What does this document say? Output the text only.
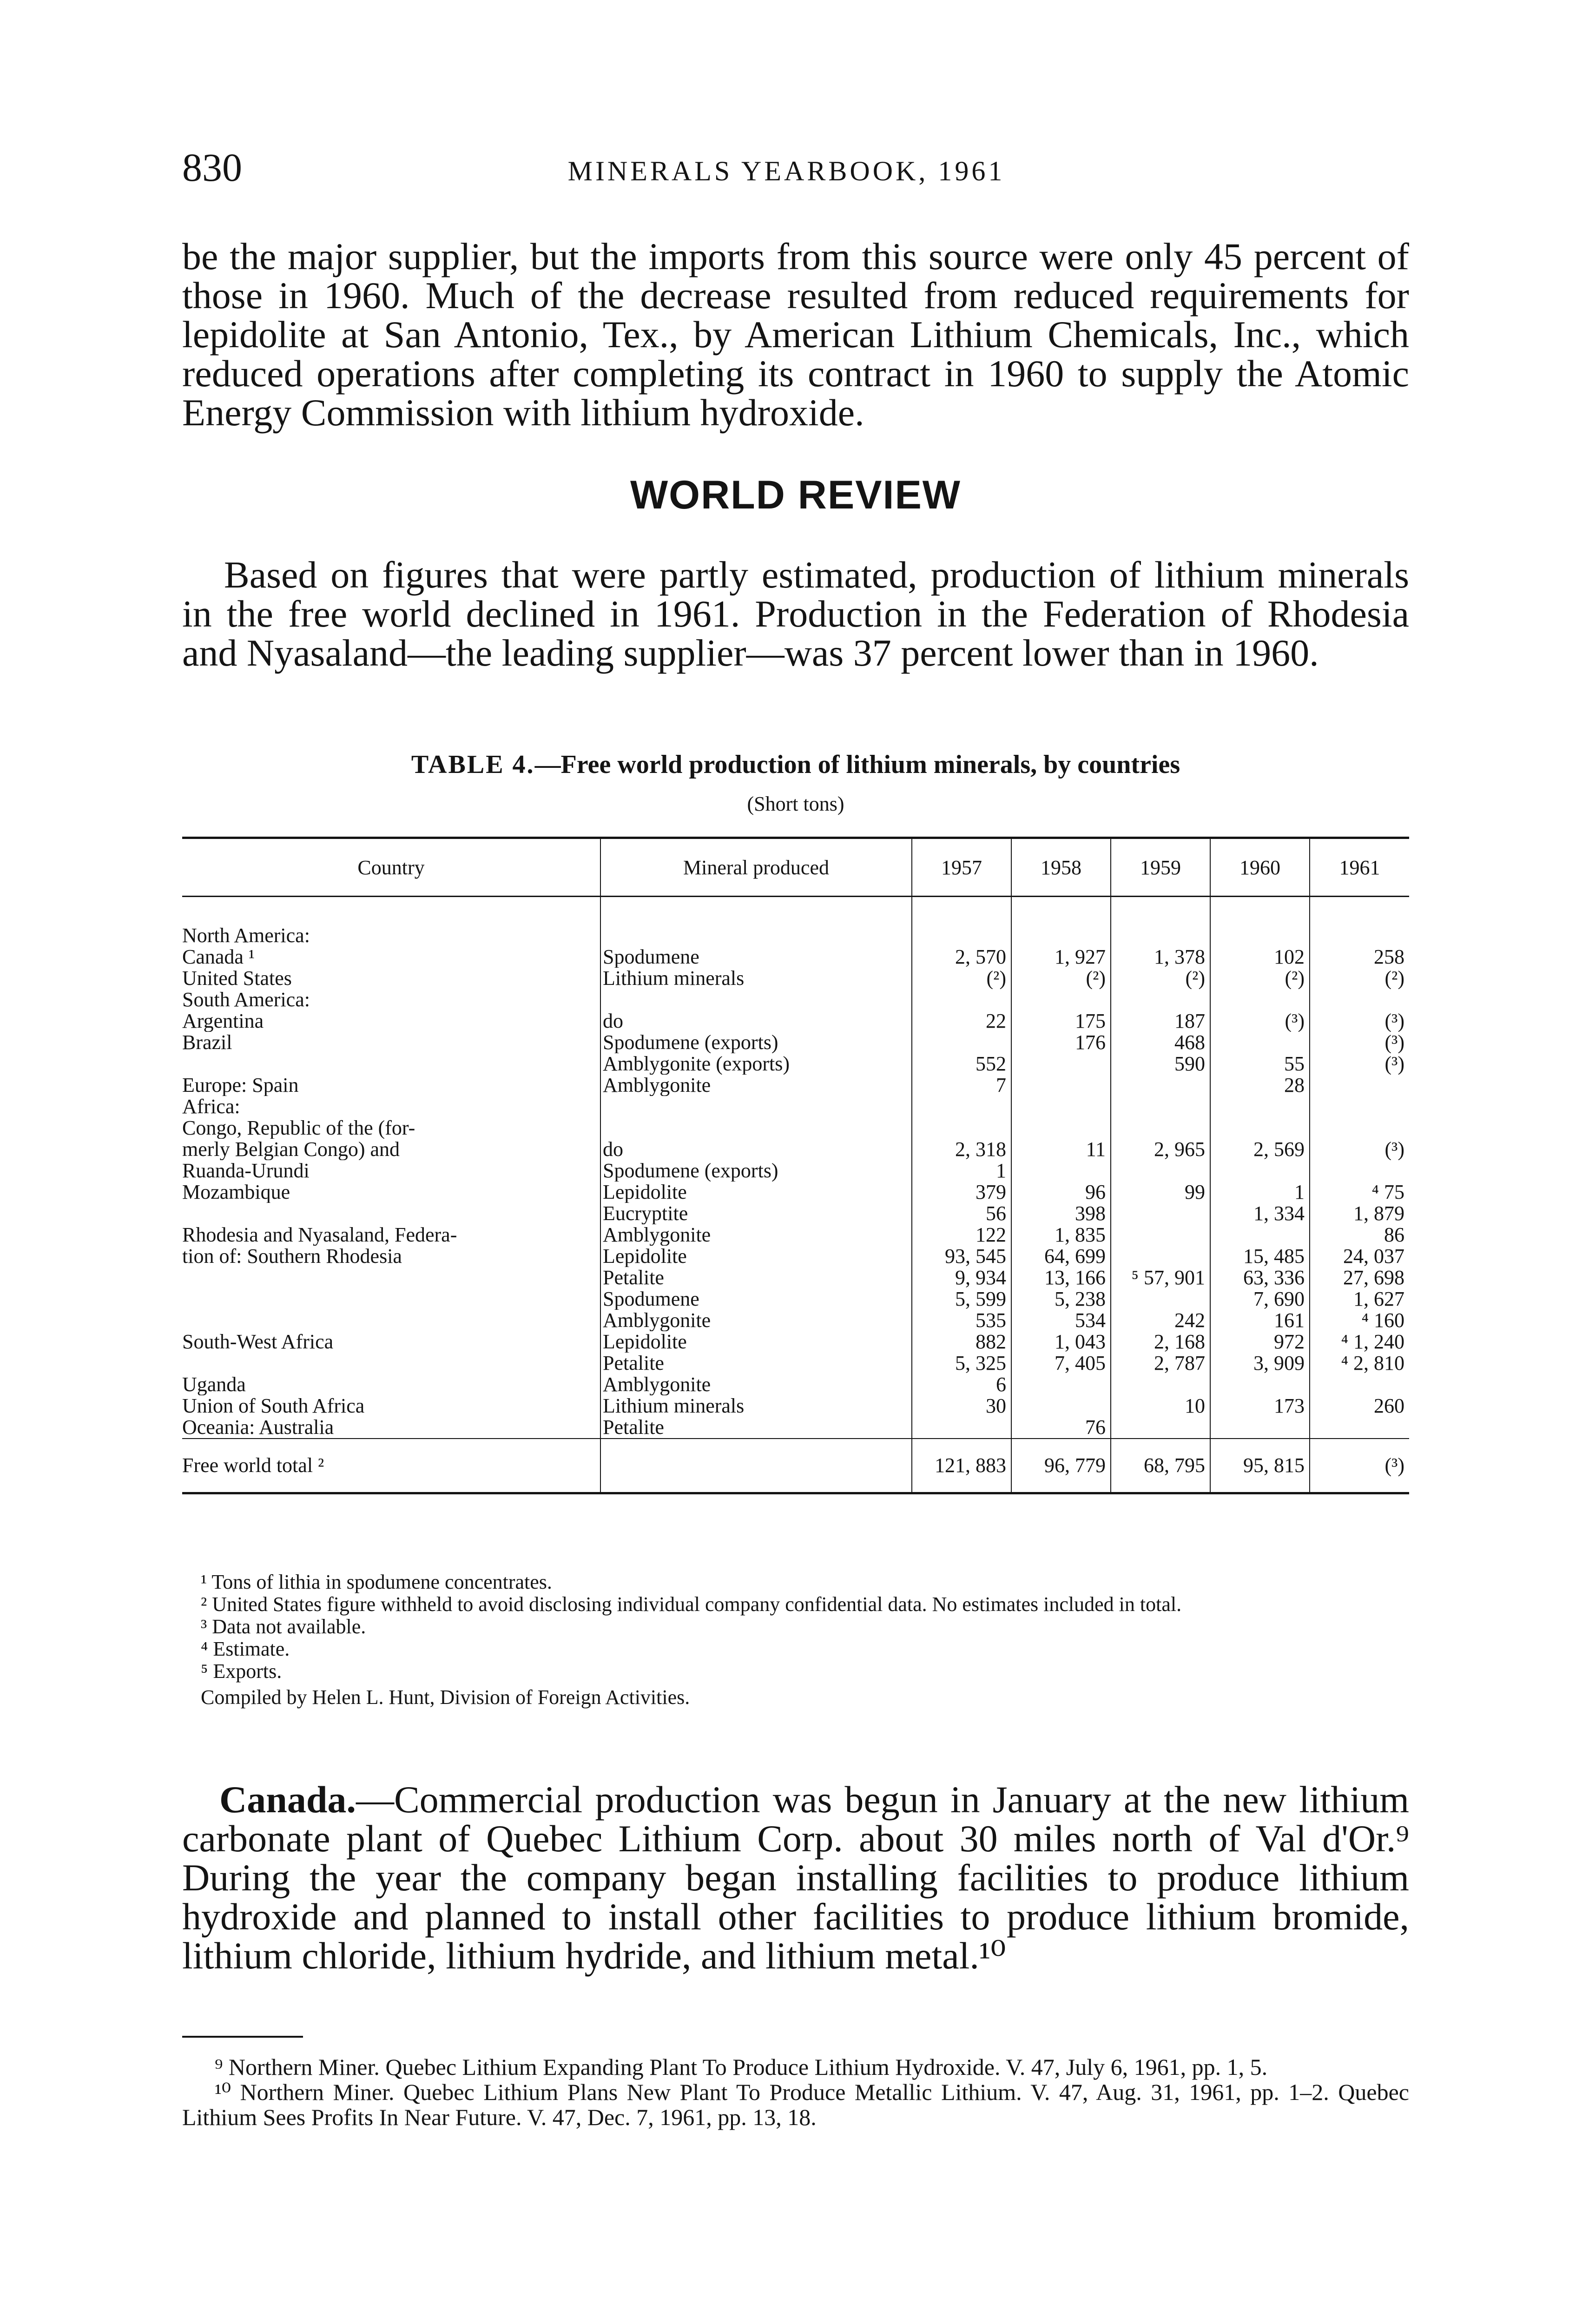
830	MINERALS YEARBOOK, 1961

be the major supplier, but the imports from this source were only 45 percent of those in 1960. Much of the decrease resulted from reduced requirements for lepidolite at San Antonio, Tex., by American Lithium Chemicals, Inc., which reduced operations after completing its contract in 1960 to supply the Atomic Energy Commission with lithium hydroxide.

WORLD REVIEW

Based on figures that were partly estimated, production of lithium minerals in the free world declined in 1961. Production in the Federation of Rhodesia and Nyasaland—the leading supplier—was 37 percent lower than in 1960.

TABLE 4.—Free world production of lithium minerals, by countries
(Short tons)
Country	Mineral produced	1957	1958	1959	1960	1961

North America:						
Canada ¹	Spodumene	2, 570	1, 927	1, 378	102	258
United States	Lithium minerals	(²)	(²)	(²)	(²)	(²)
South America:						
Argentina	do	22	175	187	(³)	(³)
Brazil	Spodumene (exports)		176	468		(³)
	Amblygonite (exports)	552		590	55	(³)
Europe: Spain	Amblygonite	7			28	
Africa:						
Congo, Republic of the (for-						
merly Belgian Congo) and	do	2, 318	11	2, 965	2, 569	(³)
Ruanda-Urundi	Spodumene (exports)	1				
Mozambique	Lepidolite	379	96	99	1	⁴ 75
	Eucryptite	56	398		1, 334	1, 879
Rhodesia and Nyasaland, Federa-	Amblygonite	122	1, 835			86
tion of: Southern Rhodesia	Lepidolite	93, 545	64, 699		15, 485	24, 037
	Petalite	9, 934	13, 166	⁵ 57, 901	63, 336	27, 698
	Spodumene	5, 599	5, 238		7, 690	1, 627
	Amblygonite	535	534	242	161	⁴ 160
South-West Africa	Lepidolite	882	1, 043	2, 168	972	⁴ 1, 240
	Petalite	5, 325	7, 405	2, 787	3, 909	⁴ 2, 810
Uganda	Amblygonite	6				
Union of South Africa	Lithium minerals	30		10	173	260
Oceania: Australia	Petalite		76			
Free world total ²		121, 883	96, 779	68, 795	95, 815	(³)

¹ Tons of lithia in spodumene concentrates.

² United States figure withheld to avoid disclosing individual company confidential data. No estimates included in total.

³ Data not available.

⁴ Estimate.

⁵ Exports.

Compiled by Helen L. Hunt, Division of Foreign Activities.

Canada.—Commercial production was begun in January at the new lithium carbonate plant of Quebec Lithium Corp. about 30 miles north of Val d'Or.⁹ During the year the company began installing facilities to produce lithium hydroxide and planned to install other facilities to produce lithium bromide, lithium chloride, lithium hydride, and lithium metal.¹⁰

⁹ Northern Miner. Quebec Lithium Expanding Plant To Produce Lithium Hydroxide. V. 47, July 6, 1961, pp. 1, 5.

¹⁰ Northern Miner. Quebec Lithium Plans New Plant To Produce Metallic Lithium. V. 47, Aug. 31, 1961, pp. 1–2. Quebec Lithium Sees Profits In Near Future. V. 47, Dec. 7, 1961, pp. 13, 18.
